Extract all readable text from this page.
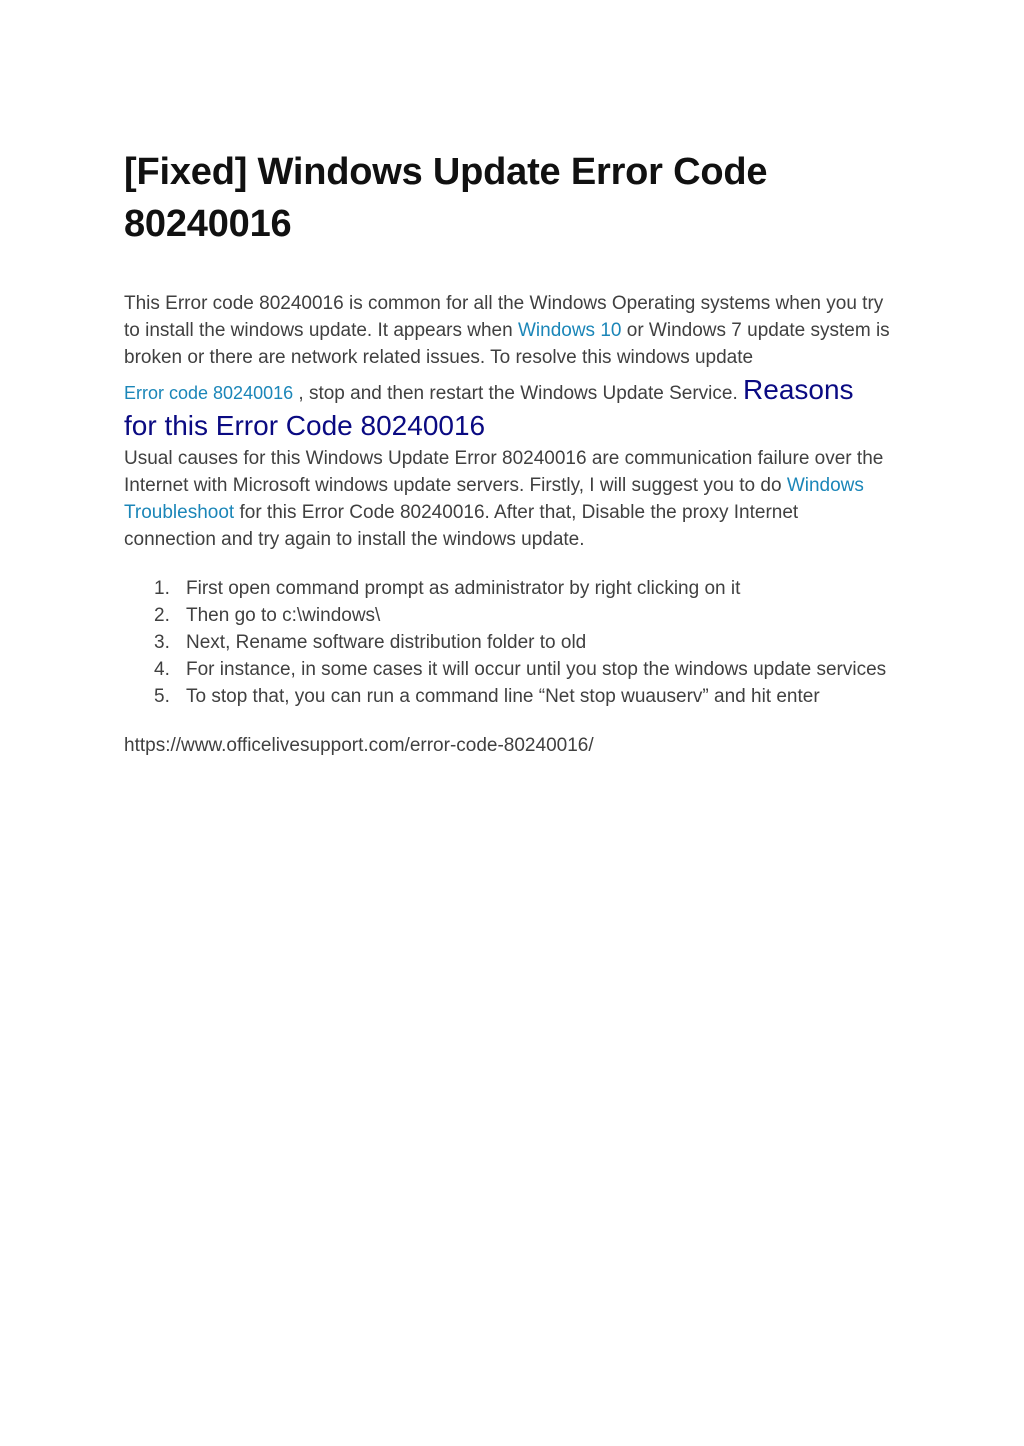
[Fixed] Windows Update Error Code
80240016
This Error code 80240016 is common for all the Windows Operating systems when you try to install the windows update. It appears when Windows 10 or Windows 7 update system is broken or there are network related issues. To resolve this windows update
Error code 80240016 , stop and then restart the Windows Update Service. Reasons
for this Error Code 80240016

Usual causes for this Windows Update Error 80240016 are communication failure over the Internet with Microsoft windows update servers. Firstly, I will suggest you to do Windows Troubleshoot for this Error Code 80240016. After that, Disable the proxy Internet connection and try again to install the windows update.

1. First open command prompt as administrator by right clicking on it
2. Then go to c:\windows\
3. Next, Rename software distribution folder to old
4. For instance, in some cases it will occur until you stop the windows update services
5. To stop that, you can run a command line “Net stop wuauserv” and hit enter

https://www.officelivesupport.com/error-code-80240016/
